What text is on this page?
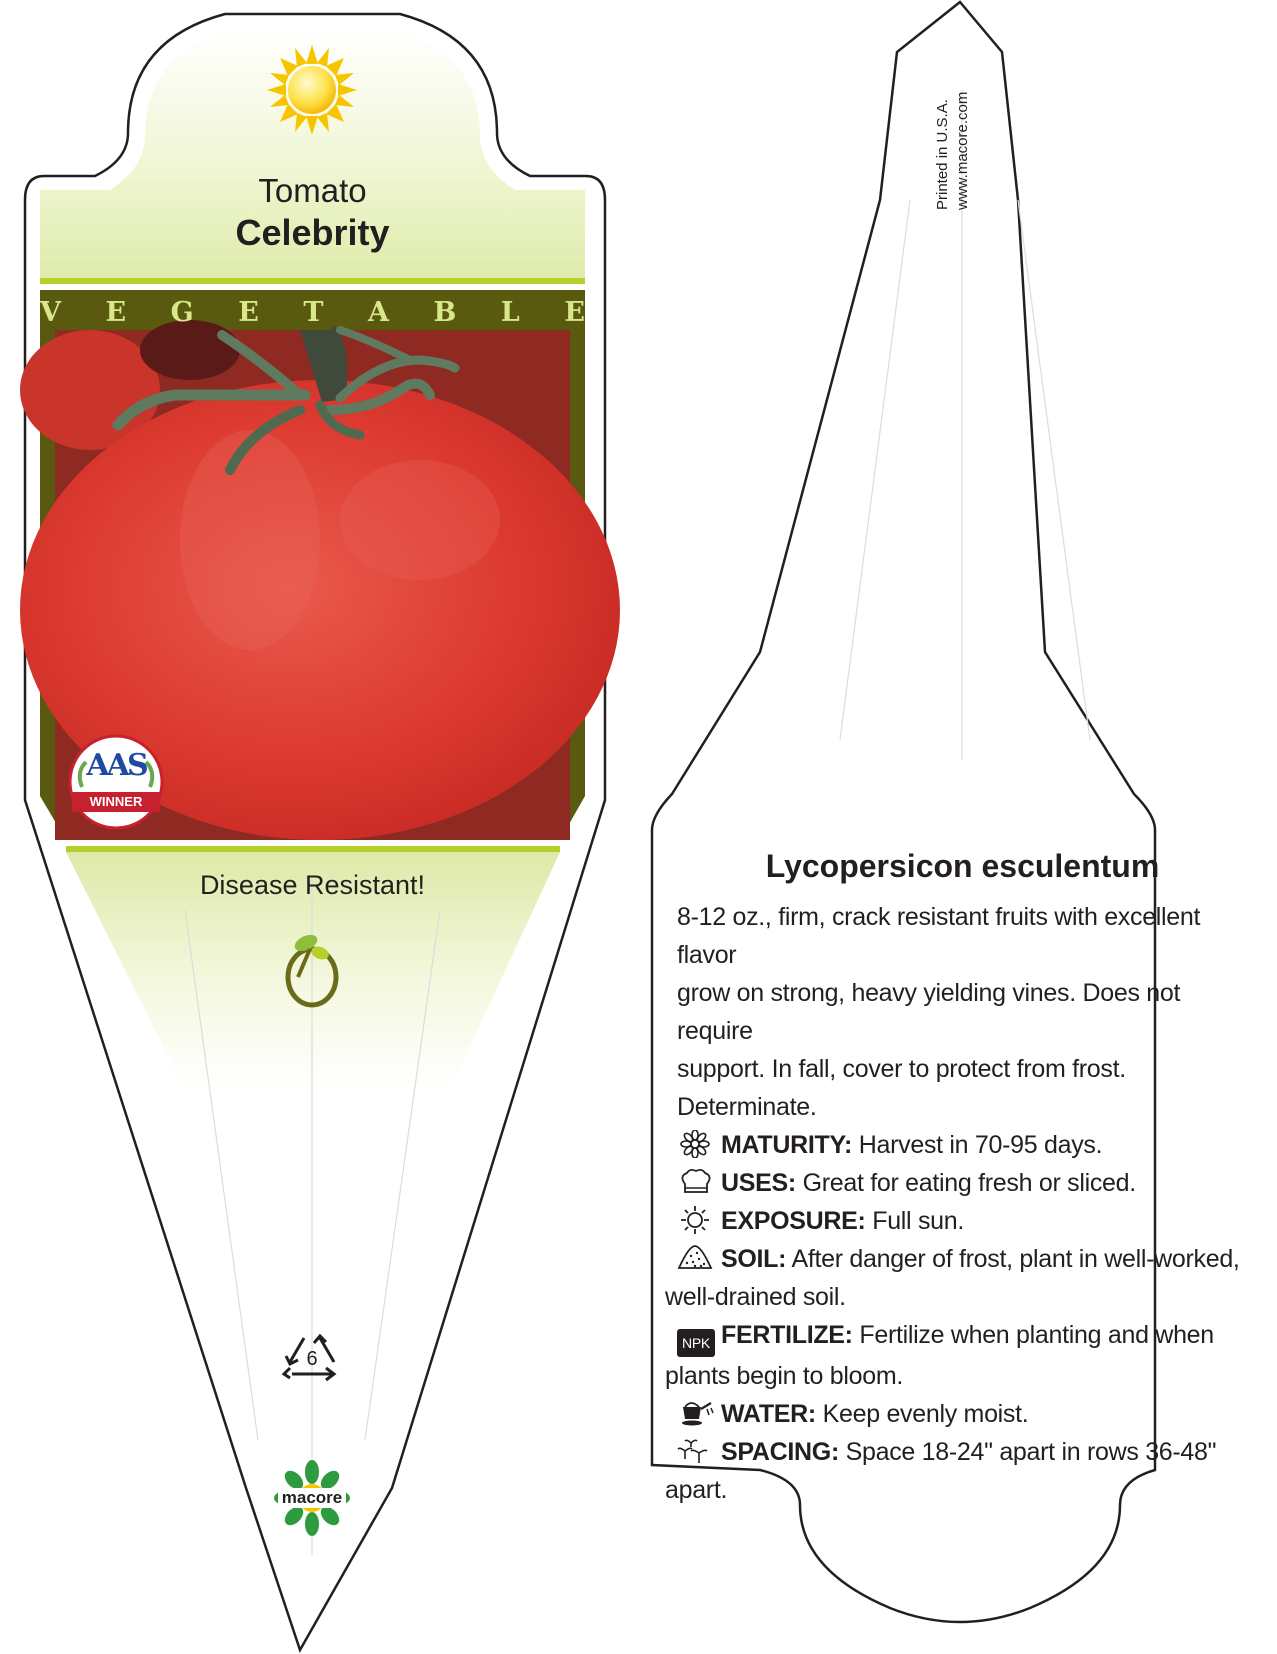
Tomato
Celebrity
V E G E T A B L E
AAS
WINNER
Disease Resistant!
6
macore
Printed in U.S.A. www.macore.com
Lycopersicon esculentum
8-12 oz., firm, crack resistant fruits with excellent flavor
grow on strong, heavy yielding vines. Does not require
support. In fall, cover to protect from frost.
Determinate.
MATURITY: Harvest in 70-95 days.
USES: Great for eating fresh or sliced.
EXPOSURE: Full sun.
SOIL: After danger of frost, plant in well-worked,
well-drained soil.
NPK FERTILIZE: Fertilize when planting and when
plants begin to bloom.
WATER: Keep evenly moist.
SPACING: Space 18-24" apart in rows 36-48"
apart.
